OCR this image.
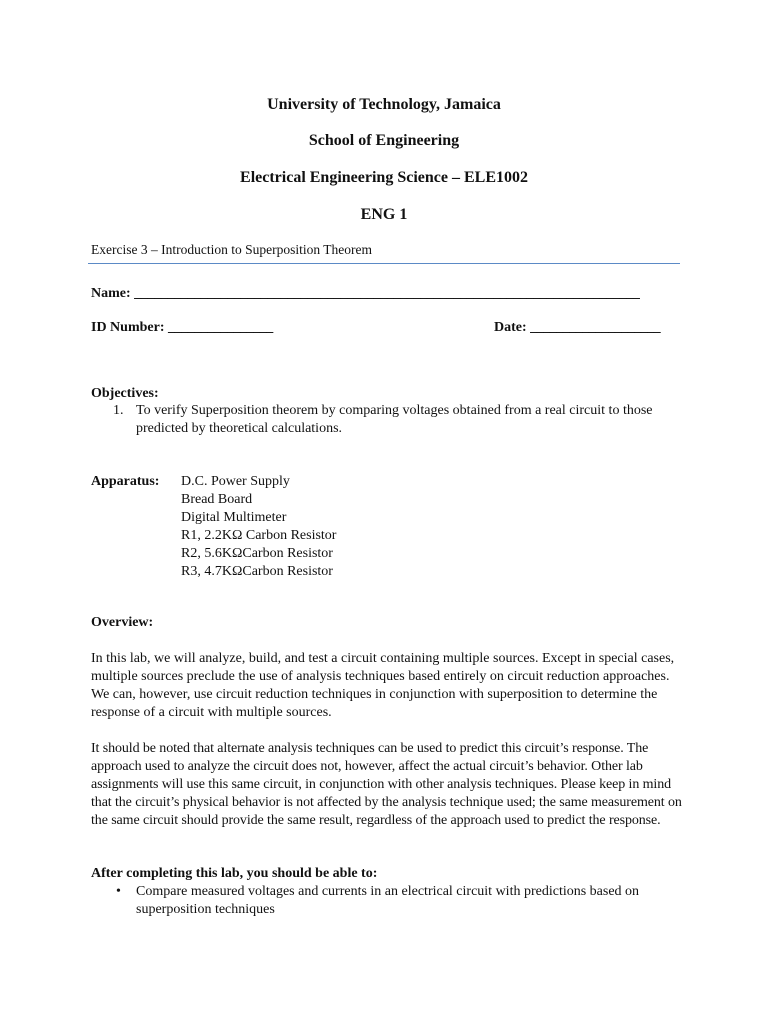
University of Technology, Jamaica
School of Engineering
Electrical Engineering Science – ELE1002
ENG 1
Exercise 3 – Introduction to Superposition Theorem
Name: ____________________________________________________________________________
ID Number: ________________	Date: ____________________
Objectives:
1. To verify Superposition theorem by comparing voltages obtained from a real circuit to those predicted by theoretical calculations.
Apparatus: D.C. Power Supply
Bread Board
Digital Multimeter
R1, 2.2KΩ Carbon Resistor
R2, 5.6KΩCarbon Resistor
R3, 4.7KΩCarbon Resistor
Overview:

In this lab, we will analyze, build, and test a circuit containing multiple sources. Except in special cases, multiple sources preclude the use of analysis techniques based entirely on circuit reduction approaches. We can, however, use circuit reduction techniques in conjunction with superposition to determine the response of a circuit with multiple sources.

It should be noted that alternate analysis techniques can be used to predict this circuit’s response. The approach used to analyze the circuit does not, however, affect the actual circuit’s behavior. Other lab assignments will use this same circuit, in conjunction with other analysis techniques. Please keep in mind that the circuit’s physical behavior is not affected by the analysis technique used; the same measurement on the same circuit should provide the same result, regardless of the approach used to predict the response.

After completing this lab, you should be able to:
• Compare measured voltages and currents in an electrical circuit with predictions based on superposition techniques
